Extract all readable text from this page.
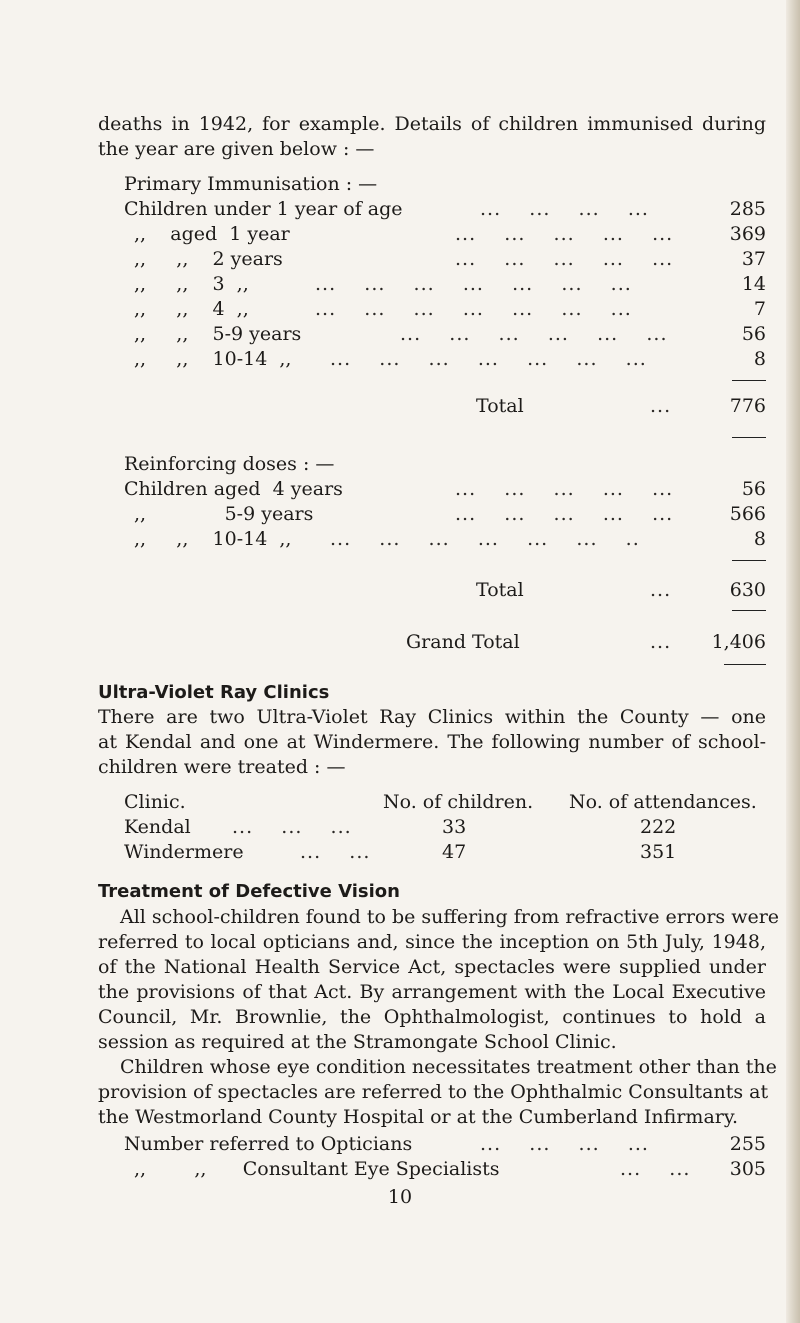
deaths in 1942, for example. Details of children immunised during
the year are given below : —
Primary Immunisation : —
Children under 1 year of age	...    ...    ...    ...	285
,,    aged  1 year	...    ...    ...    ...    ...	369
,,     ,,    2 years	...    ...    ...    ...    ...	37
,,     ,,    3  ,,	...    ...    ...    ...    ...    ...    ...	14
,,     ,,    4  ,,	...    ...    ...    ...    ...    ...    ...	7
,,     ,,    5-9 years	...    ...    ...    ...    ...    ...	56
,,     ,,    10-14  ,, ...    ...    ...    ...    ...    ...    ...	8
Total	...	776
Reinforcing doses : —
Children aged  4 years	...    ...    ...    ...    ...	56
,,             5-9 years	...    ...    ...    ...    ...	566
,,     ,,    10-14  ,, ...    ...    ...    ...    ...    ...    ..	8
Total	...	630
Grand Total	...	1,406
Ultra-Violet Ray Clinics
There are two Ultra-Violet Ray Clinics within the County — one
at Kendal and one at Windermere. The following number of school-
children were treated : —
Clinic.	No. of children. No. of attendances.
Kendal ...    ...    ...	33	222
Windermere	...    ...	47	351
Treatment of Defective Vision
All school-children found to be suffering from refractive errors were
referred to local opticians and, since the inception on 5th July, 1948,
of the National Health Service Act, spectacles were supplied under
the provisions of that Act. By arrangement with the Local Executive
Council, Mr. Brownlie, the Ophthalmologist, continues to hold a
session as required at the Stramongate School Clinic.
Children whose eye condition necessitates treatment other than the
provision of spectacles are referred to the Ophthalmic Consultants at
the Westmorland County Hospital or at the Cumberland Infirmary.
Number referred to Opticians	...    ...    ...    ...	255
,,        ,,      Consultant Eye Specialists	...    ...	305
10
